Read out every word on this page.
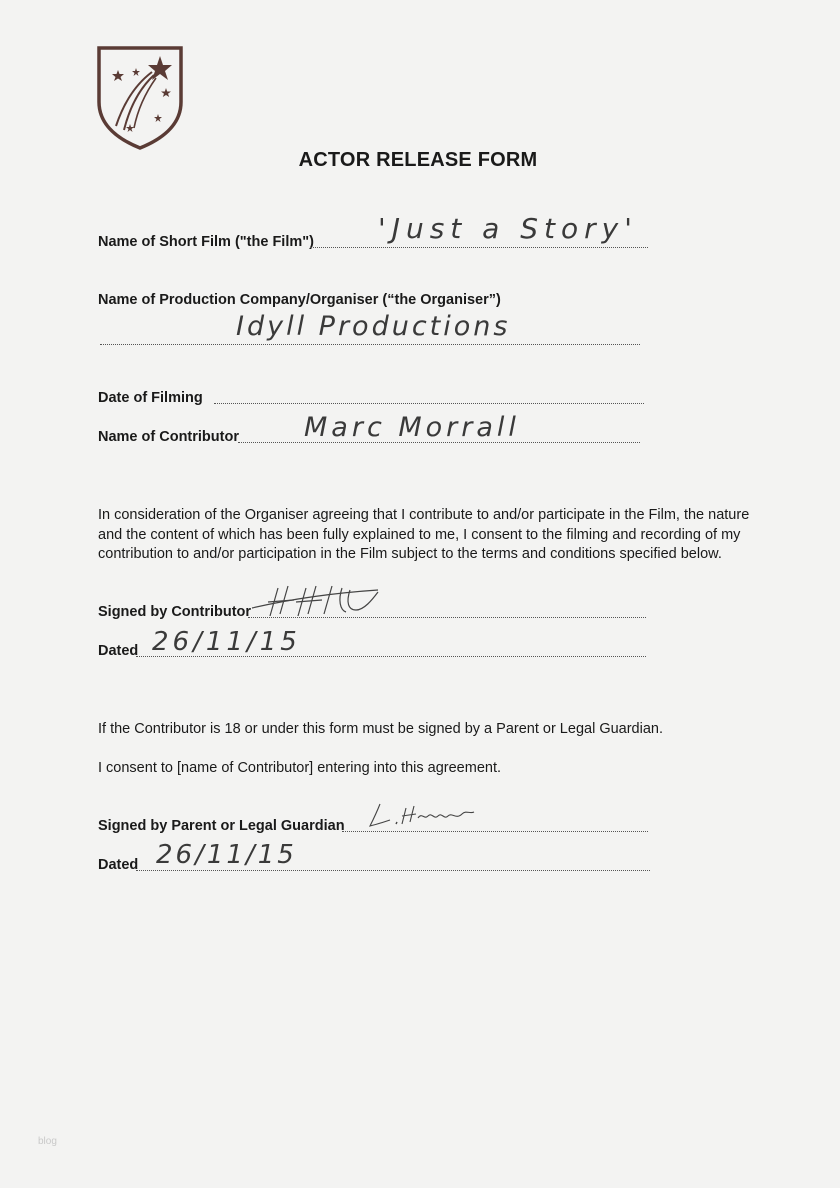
ACTOR RELEASE FORM
Name of Short Film ("the Film") 'Just a Story'
Name of Production Company/Organiser (“the Organiser”)
Idyll Productions
Date of Filming
Name of Contributor Marc Morrall
In consideration of the Organiser agreeing that I contribute to and/or participate in the Film, the nature
and the content of which has been fully explained to me, I consent to the filming and recording of my
contribution to and/or participation in the Film subject to the terms and conditions specified below.
Signed by Contributor
Dated 26/11/15
If the Contributor is 18 or under this form must be signed by a Parent or Legal Guardian.
I consent to [name of Contributor] entering into this agreement.
Signed by Parent or Legal Guardian
Dated 26/11/15
blog
